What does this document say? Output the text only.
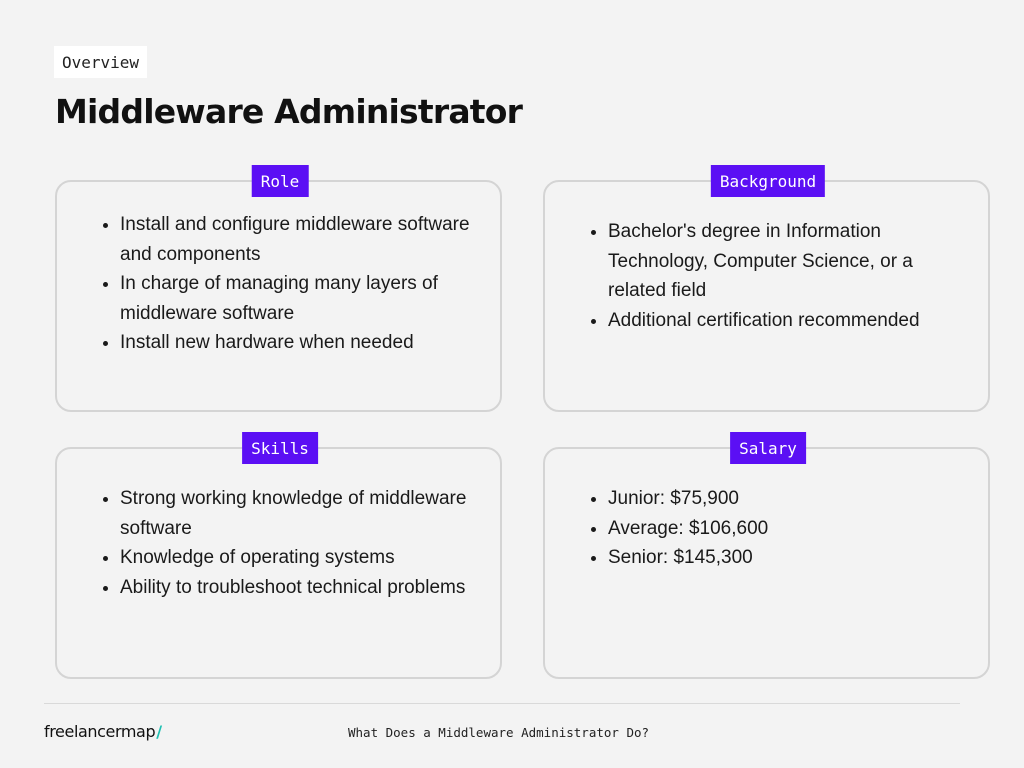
Overview
Middleware Administrator
Role
Install and configure middleware software and components
In charge of managing many layers of middleware software
Install new hardware when needed
Background
Bachelor's degree in Information Technology, Computer Science, or a related field
Additional certification recommended
Skills
Strong working knowledge of middleware software
Knowledge of operating systems
Ability to troubleshoot technical problems
Salary
Junior: $75,900
Average: $106,600
Senior: $145,300
freelancermap/	What Does a Middleware Administrator Do?
